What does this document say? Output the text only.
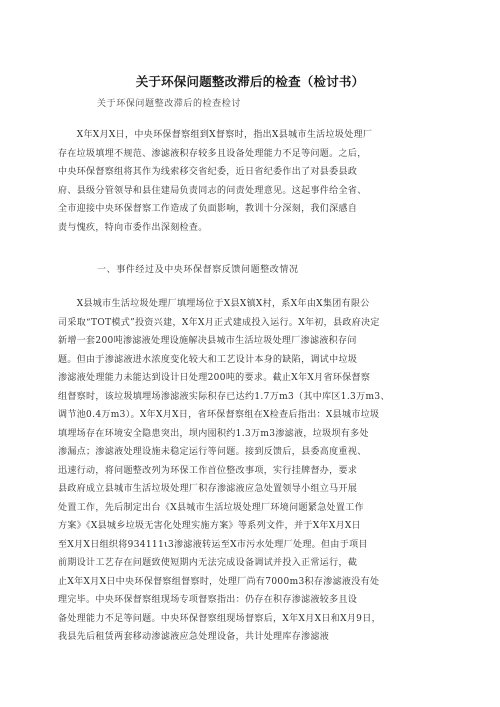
关于环保问题整改滞后的检查（检讨书）
关于环保问题整改滞后的检查检讨
　　X年X月X日，中央环保督察组到X督察时，指出X县城市生活垃圾处理厂
存在垃圾填埋不规范、渗滤液积存较多且设备处理能力不足等问题。之后，
中央环保督察组将其作为线索移交省纪委，近日省纪委作出了对县委县政
府、县级分管领导和县住建局负责同志的问责处理意见。这起事件给全省、
全市迎接中央环保督察工作造成了负面影响，教训十分深刻，我们深感自
责与愧疚，特向市委作出深刻检查。
一、事件经过及中央环保督察反馈问题整改情况
　　X县城市生活垃圾处理厂填埋场位于X县X镇X村，系X年由X集团有限公
司采取“TOT模式”投资兴建，X年X月正式建成投入运行。X年初，县政府决定
新增一套200吨渗滤液处理设施解决县城市生活垃圾处理厂渗滤液积存问
题。但由于渗滤液进水浓度变化较大和工艺设计本身的缺陷，调试中垃圾
渗滤液处理能力未能达到设计日处理200吨的要求。截止X年X月省环保督察
组督察时，该垃圾填埋场渗滤液实际积存已达约1.7万m3（其中库区1.3万m3、
调节池0.4万m3）。X年X月X日，省环保督察组在X检查后指出：X县城市垃圾
填埋场存在环境安全隐患突出，坝内囤积约1.3万m3渗滤液，垃圾坝有多处
渗漏点；渗滤液处理设施未稳定运行等问题。接到反馈后，县委高度重视、
迅速行动，将问题整改列为环保工作首位整改事项，实行挂牌督办，要求
县政府成立县城市生活垃圾处理厂积存渗滤液应急处置领导小组立马开展
处置工作，先后制定出台《X县城市生活垃圾处理厂环境问题紧急处置工作
方案》《X县城乡垃圾无害化处理实施方案》等系列文件，并于X年X月X日
至X月X日组织将934111ι3渗滤液转运至X市污水处理厂处理。但由于项目
前期设计工艺存在问题致使短期内无法完成设备调试并投入正常运行，截
止X年X月X日中央环保督察组督察时，处理厂尚有7000m3积存渗滤液没有处
理完毕。中央环保督察组现场专项督察指出：仍存在积存渗滤液较多且设
备处理能力不足等问题。中央环保督察组现场督察后，X年X月X日和X月9日，
我县先后租赁两套移动渗滤液应急处理设备，共计处理库存渗滤液
